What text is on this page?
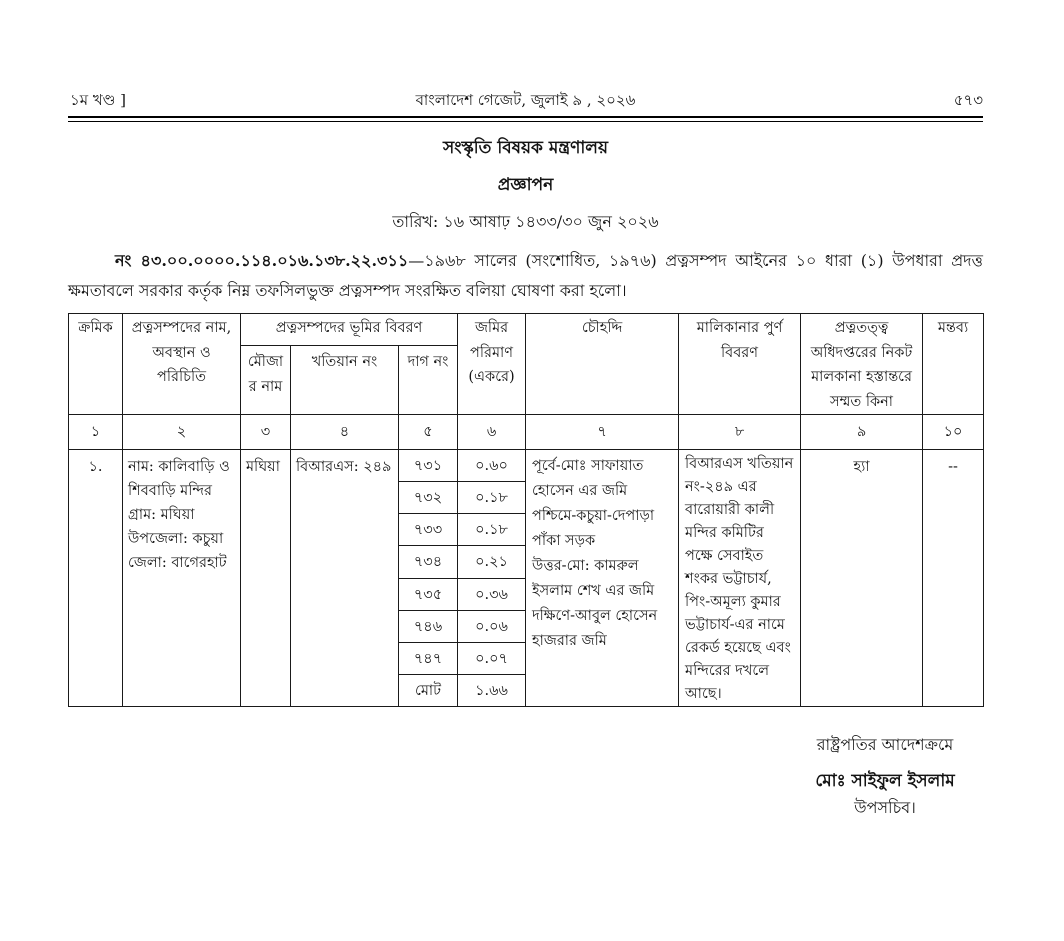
১ম খণ্ড ]	বাংলাদেশ গেজেট, জুলাই ৯ , ২০২৬	৫৭৩
সংস্কৃতি বিষয়ক মন্ত্রণালয়
প্রজ্ঞাপন
তারিখ: ১৬ আষাঢ় ১৪৩৩/৩০ জুন ২০২৬

নং ৪৩.০০.০০০০.১১৪.০১৬.১৩৮.২২.৩১১—১৯৬৮ সালের (সংশোধিত, ১৯৭৬) প্রত্নসম্পদ আইনের ১০ ধারা (১) উপধারা প্রদত্ত ক্ষমতাবলে সরকার কর্তৃক নিম্ন তফসিলভুক্ত প্রত্নসম্পদ সংরক্ষিত বলিয়া ঘোষণা করা হলো।

ক্রমিক	প্রত্নসম্পদের নাম, অবস্থান ও পরিচিতি	প্রত্নসম্পদের ভূমির বিবরণ			জমির পরিমাণ (একরে)	চৌহদ্দি	মালিকানার পুর্ণ বিবরণ	প্রত্নতত্ত্ব অধিদপ্তরের নিকট মালকানা হস্তান্তরে সম্মত কিনা	মন্তব্য
		মৌজার নাম	খতিয়ান নং	দাগ নং					
১	২	৩	৪	৫	৬	৭	৮	৯	১০
১.	নাম: কালিবাড়ি ও শিববাড়ি মন্দির
গ্রাম: মঘিয়া
উপজেলা: কচুয়া
জেলা: বাগেরহাট	মঘিয়া	বিআরএস: ২৪৯	৭৩১	০.৬০	পূর্বে-মোঃ সাফায়াত হোসেন এর জমি
পশ্চিমে-কচুয়া-দেপাড়া পাঁকা সড়ক
উত্তর-মো: কামরুল ইসলাম শেখ এর জমি
দক্ষিণে-আবুল হোসেন হাজরার জমি	বিআরএস খতিয়ান নং-২৪৯ এর বারোয়ারী কালী মন্দির কমিটির পক্ষে সেবাইত শংকর ভট্টাচার্য, পিং-অমূল্য কুমার ভট্টাচার্য-এর নামে রেকর্ড হয়েছে এবং মন্দিরের দখলে আছে।	হ্যা	--
				৭৩২	০.১৮				
				৭৩৩	০.১৮				
				৭৩৪	০.২১				
				৭৩৫	০.৩৬				
				৭৪৬	০.০৬				
				৭৪৭	০.০৭				
				মোট	১.৬৬				
রাষ্ট্রপতির আদেশক্রমে
মোঃ সাইফুল ইসলাম
উপসচিব।
